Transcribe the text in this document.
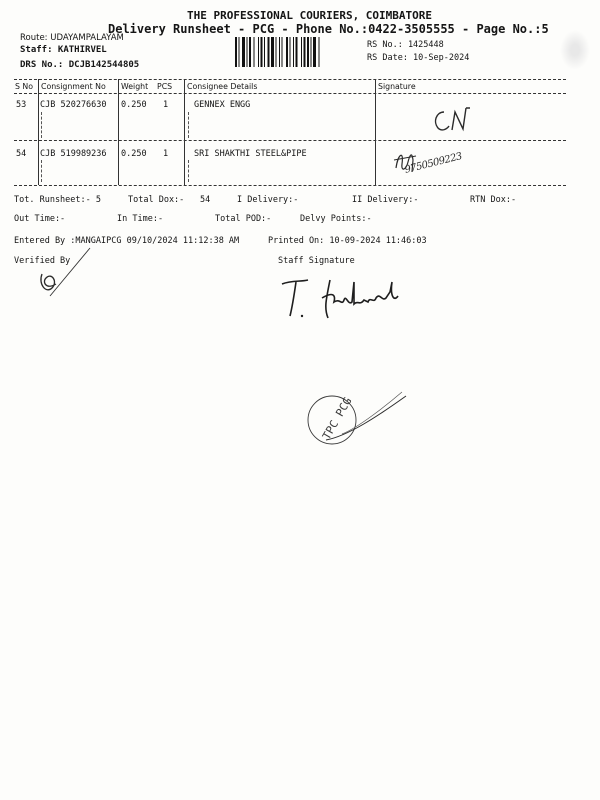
THE PROFESSIONAL COURIERS, COIMBATORE
Delivery Runsheet - PCG - Phone No.:0422-3505555 - Page No.:5
Route: UDAYAMPALAYAM
Staff: KATHIRVEL
DRS No.: DCJB142544805
RS No.: 1425448
RS Date: 10-Sep-2024
S No Consignment No Weight PCS Consignee Details	Signature
53 CJB 520276630 0.250 1	GENNEX ENGG
54 CJB 519989236 0.250 1	SRI SHAKTHI STEEL&PIPE	9750509223
Tot. Runsheet:- 5	Total Dox:- 54	I Delivery:-	II Delivery:-	RTN Dox:-
Out Time:-	In Time:-	Total POD:-	Delvy Points:-
Entered By :MANGAIPCG 09/10/2024 11:12:38 AM	Printed On: 10-09-2024 11:46:03
Verified By	Staff Signature
TPC PCG
